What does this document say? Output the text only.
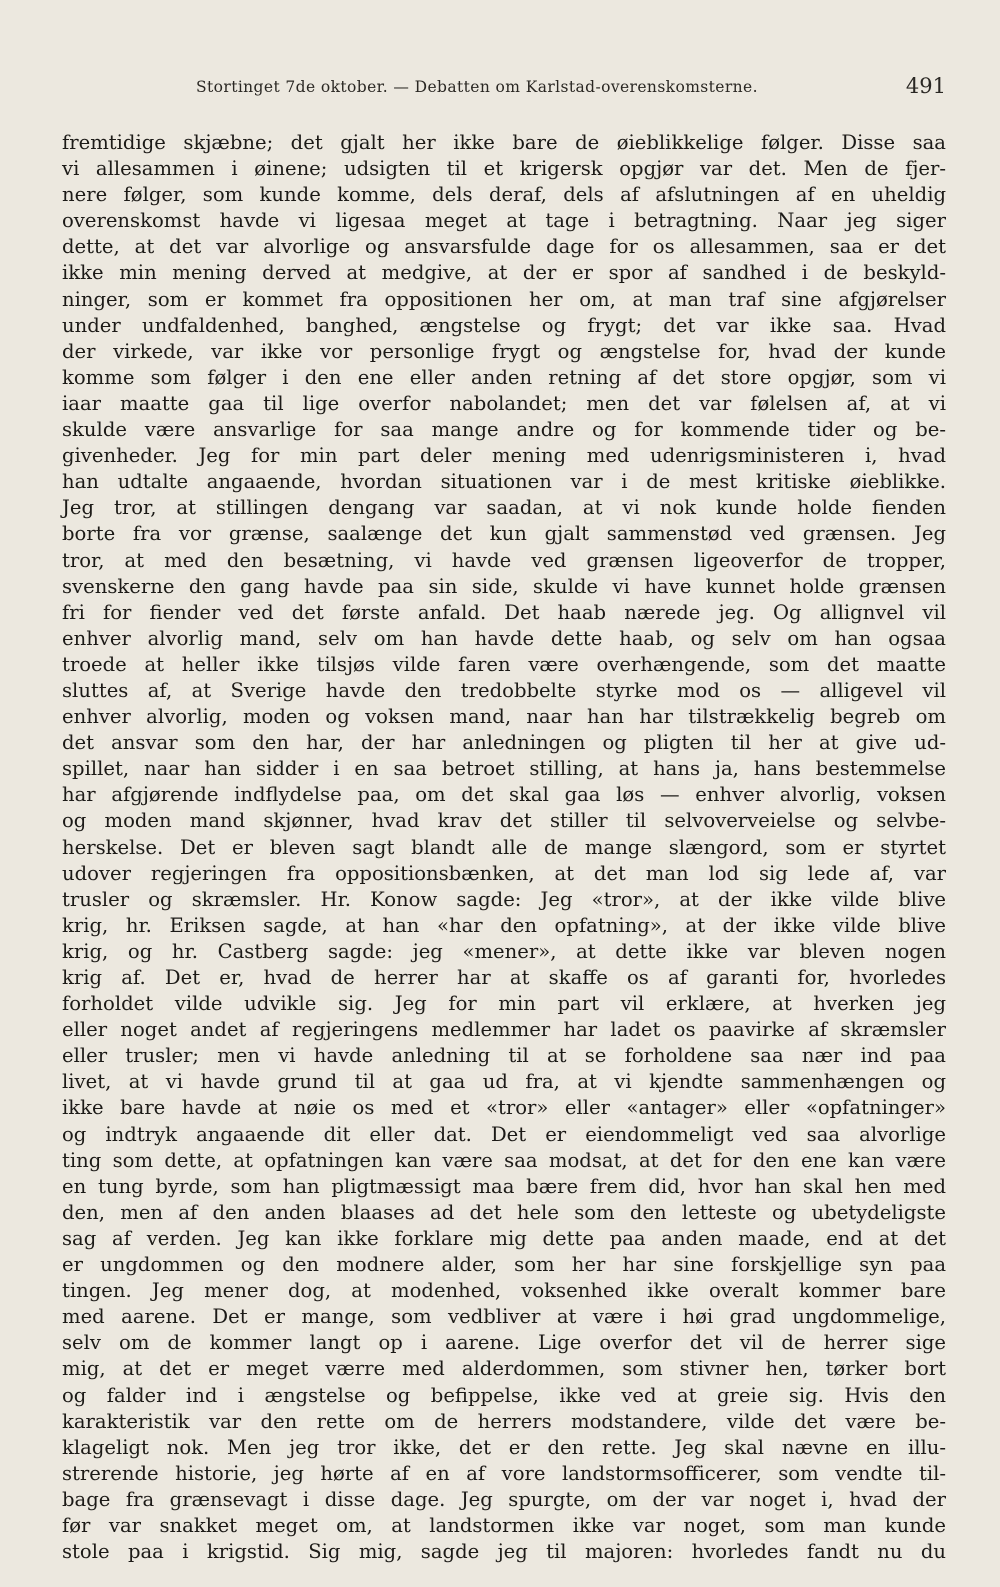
Stortinget 7de oktober. — Debatten om Karlstad-overenskomsterne.	491
fremtidige skjæbne; det gjalt her ikke bare de øieblikkelige følger. Disse saa
vi allesammen i øinene; udsigten til et krigersk opgjør var det. Men de fjer-
nere følger, som kunde komme, dels deraf, dels af afslutningen af en uheldig
overenskomst havde vi ligesaa meget at tage i betragtning. Naar jeg siger
dette, at det var alvorlige og ansvarsfulde dage for os allesammen, saa er det
ikke min mening derved at medgive, at der er spor af sandhed i de beskyld-
ninger, som er kommet fra oppositionen her om, at man traf sine afgjørelser
under undfaldenhed, banghed, ængstelse og frygt; det var ikke saa. Hvad
der virkede, var ikke vor personlige frygt og ængstelse for, hvad der kunde
komme som følger i den ene eller anden retning af det store opgjør, som vi
iaar maatte gaa til lige overfor nabolandet; men det var følelsen af, at vi
skulde være ansvarlige for saa mange andre og for kommende tider og be-
givenheder. Jeg for min part deler mening med udenrigsministeren i, hvad
han udtalte angaaende, hvordan situationen var i de mest kritiske øieblikke.
Jeg tror, at stillingen dengang var saadan, at vi nok kunde holde fienden
borte fra vor grænse, saalænge det kun gjalt sammenstød ved grænsen. Jeg
tror, at med den besætning, vi havde ved grænsen ligeoverfor de tropper,
svenskerne den gang havde paa sin side, skulde vi have kunnet holde grænsen
fri for fiender ved det første anfald. Det haab nærede jeg. Og allignvel vil
enhver alvorlig mand, selv om han havde dette haab, og selv om han ogsaa
troede at heller ikke tilsjøs vilde faren være overhængende, som det maatte
sluttes af, at Sverige havde den tredobbelte styrke mod os — alligevel vil
enhver alvorlig, moden og voksen mand, naar han har tilstrækkelig begreb om
det ansvar som den har, der har anledningen og pligten til her at give ud-
spillet, naar han sidder i en saa betroet stilling, at hans ja, hans bestemmelse
har afgjørende indflydelse paa, om det skal gaa løs — enhver alvorlig, voksen
og moden mand skjønner, hvad krav det stiller til selvoverveielse og selvbe-
herskelse. Det er bleven sagt blandt alle de mange slængord, som er styrtet
udover regjeringen fra oppositionsbænken, at det man lod sig lede af, var
trusler og skræmsler. Hr. Konow sagde: Jeg «tror», at der ikke vilde blive
krig, hr. Eriksen sagde, at han «har den opfatning», at der ikke vilde blive
krig, og hr. Castberg sagde: jeg «mener», at dette ikke var bleven nogen
krig af. Det er, hvad de herrer har at skaffe os af garanti for, hvorledes
forholdet vilde udvikle sig. Jeg for min part vil erklære, at hverken jeg
eller noget andet af regjeringens medlemmer har ladet os paavirke af skræmsler
eller trusler; men vi havde anledning til at se forholdene saa nær ind paa
livet, at vi havde grund til at gaa ud fra, at vi kjendte sammenhængen og
ikke bare havde at nøie os med et «tror» eller «antager» eller «opfatninger»
og indtryk angaaende dit eller dat. Det er eiendommeligt ved saa alvorlige
ting som dette, at opfatningen kan være saa modsat, at det for den ene kan være
en tung byrde, som han pligtmæssigt maa bære frem did, hvor han skal hen med
den, men af den anden blaases ad det hele som den letteste og ubetydeligste
sag af verden. Jeg kan ikke forklare mig dette paa anden maade, end at det
er ungdommen og den modnere alder, som her har sine forskjellige syn paa
tingen. Jeg mener dog, at modenhed, voksenhed ikke overalt kommer bare
med aarene. Det er mange, som vedbliver at være i høi grad ungdommelige,
selv om de kommer langt op i aarene. Lige overfor det vil de herrer sige
mig, at det er meget værre med alderdommen, som stivner hen, tørker bort
og falder ind i ængstelse og befippelse, ikke ved at greie sig. Hvis den
karakteristik var den rette om de herrers modstandere, vilde det være be-
klageligt nok. Men jeg tror ikke, det er den rette. Jeg skal nævne en illu-
strerende historie, jeg hørte af en af vore landstormsofficerer, som vendte til-
bage fra grænsevagt i disse dage. Jeg spurgte, om der var noget i, hvad der
før var snakket meget om, at landstormen ikke var noget, som man kunde
stole paa i krigstid. Sig mig, sagde jeg til majoren: hvorledes fandt nu du
